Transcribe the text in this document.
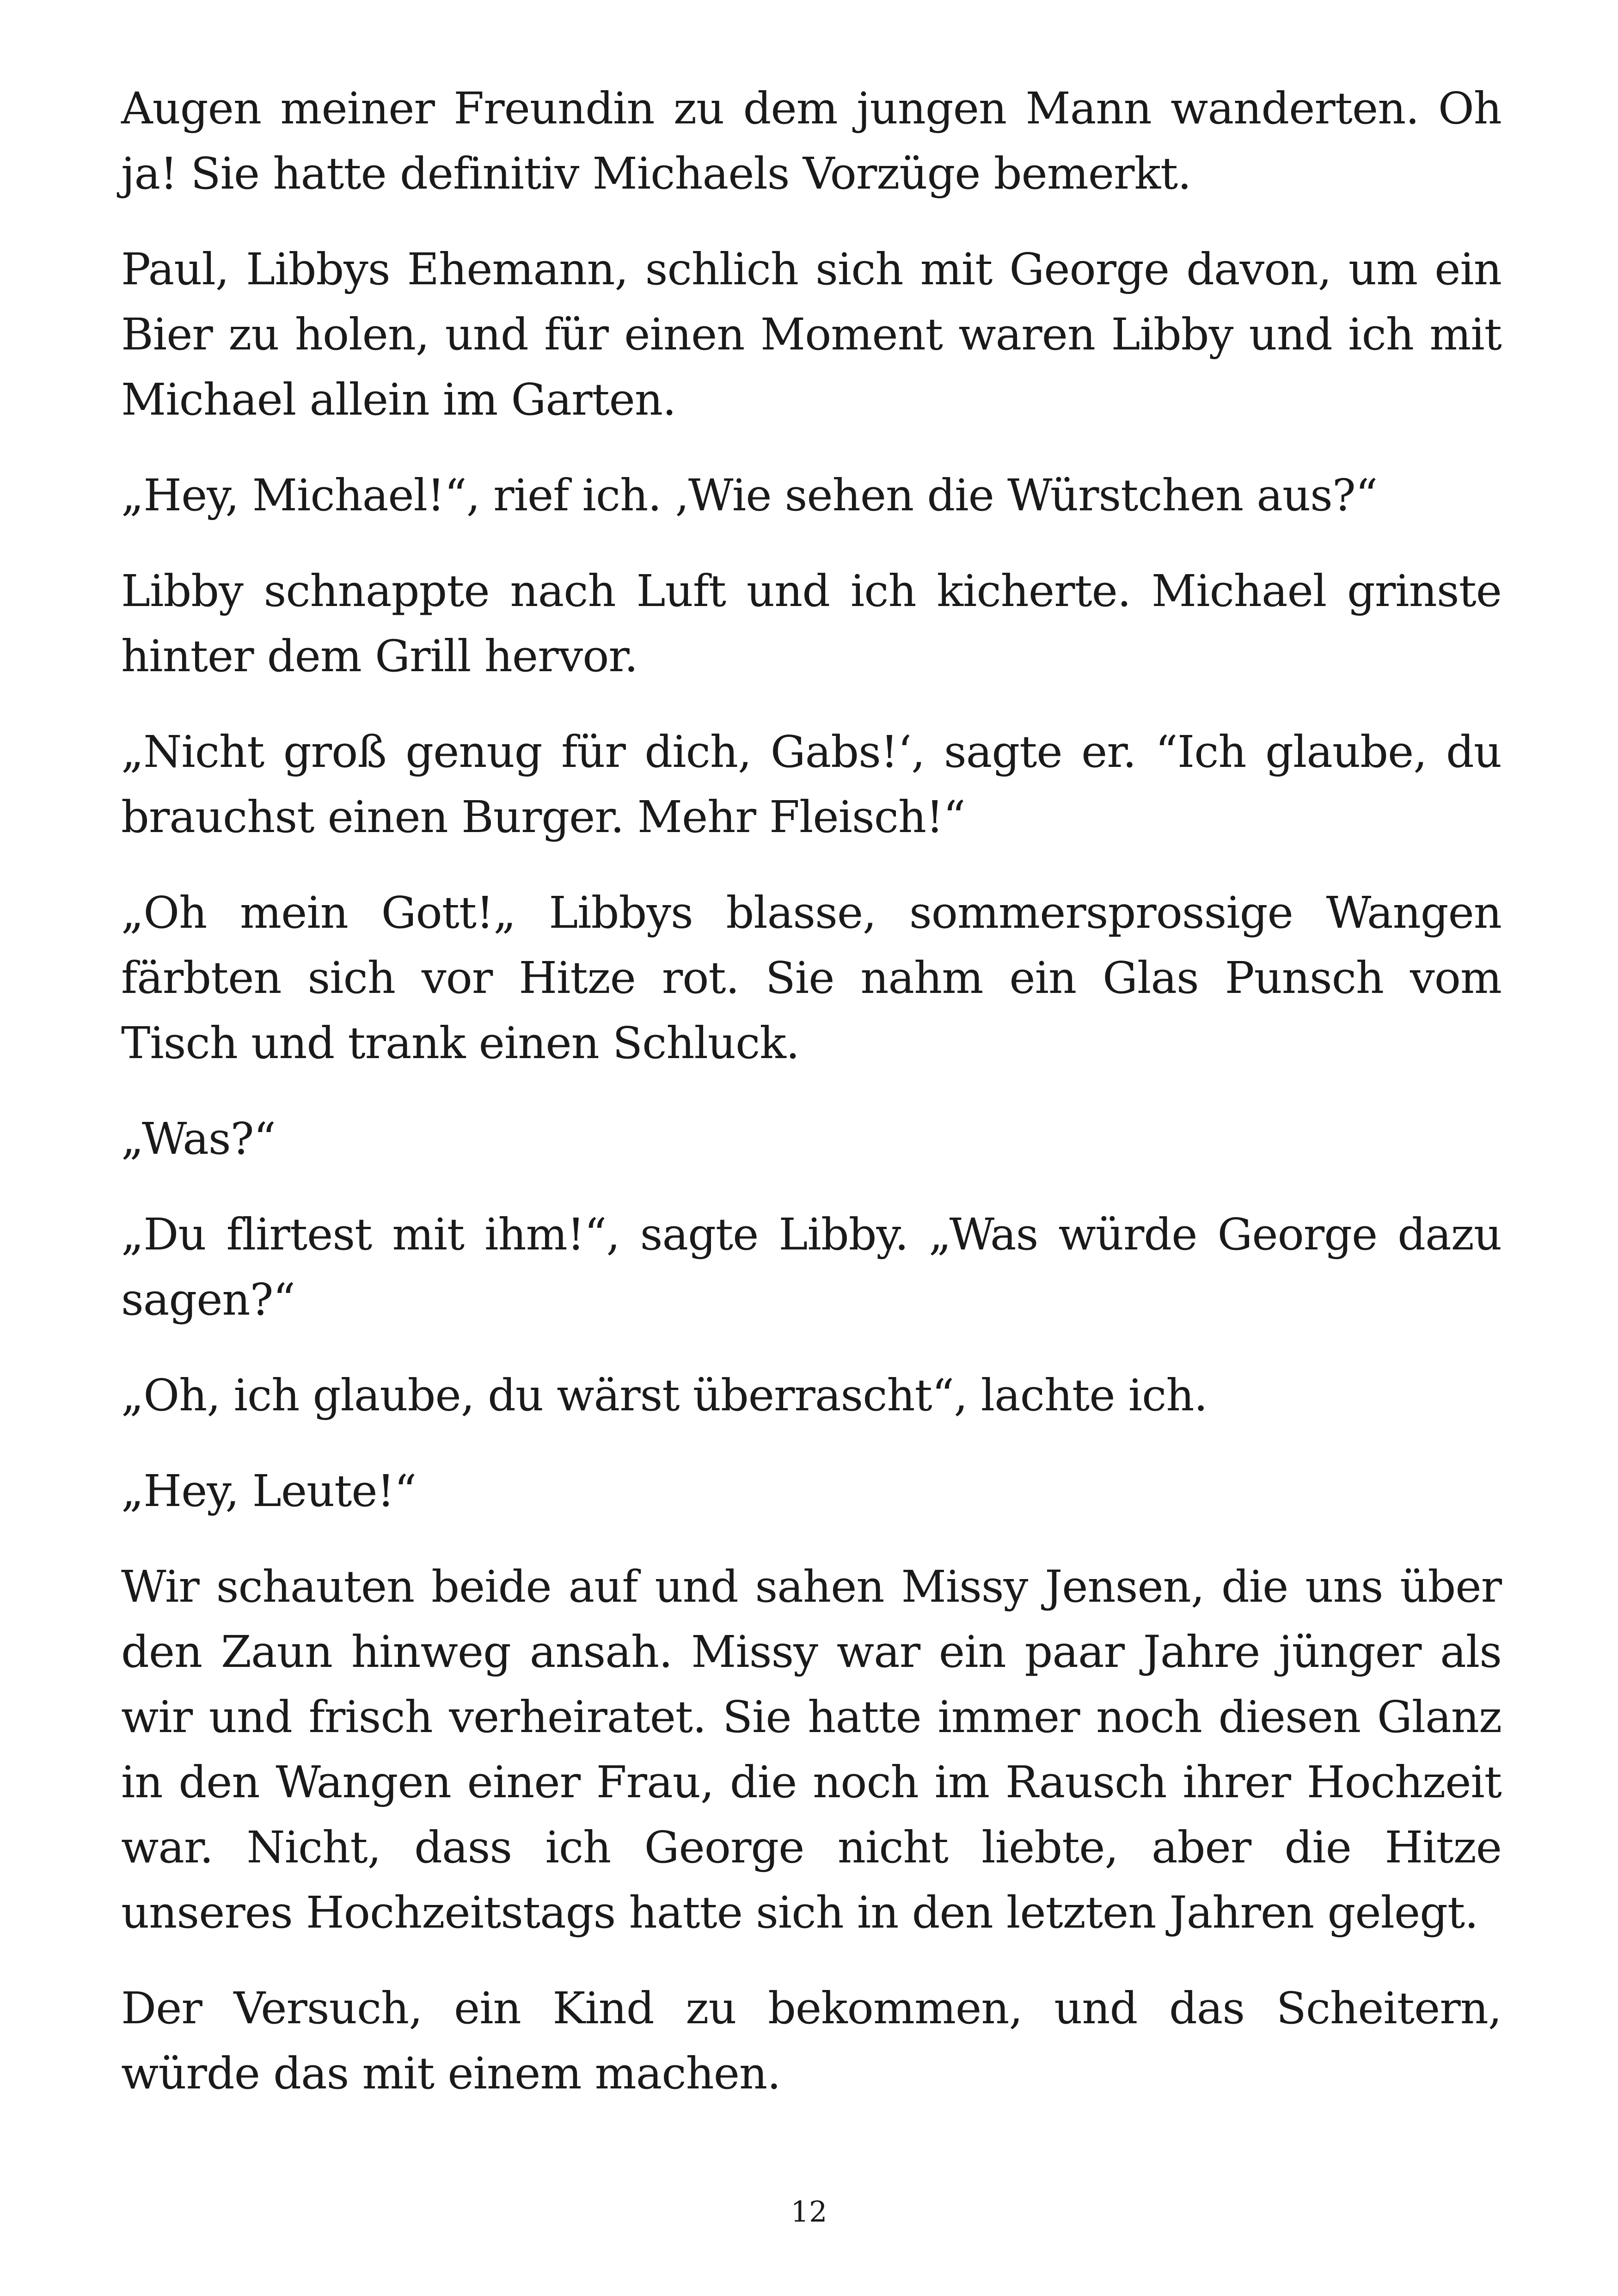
Augen meiner Freundin zu dem jungen Mann wanderten. Oh ja! Sie hatte definitiv Michaels Vorzüge bemerkt.

Paul, Libbys Ehemann, schlich sich mit George davon, um ein Bier zu holen, und für einen Moment waren Libby und ich mit Michael allein im Garten.

„Hey, Michael!“, rief ich. ‚Wie sehen die Würstchen aus?“

Libby schnappte nach Luft und ich kicherte. Michael grinste hinter dem Grill hervor.

„Nicht groß genug für dich, Gabs!‘, sagte er. “Ich glaube, du brauchst einen Burger. Mehr Fleisch!“

„Oh mein Gott!„ Libbys blasse, sommersprossige Wangen färbten sich vor Hitze rot. Sie nahm ein Glas Punsch vom Tisch und trank einen Schluck.

„Was?“

„Du flirtest mit ihm!“, sagte Libby. „Was würde George dazu sagen?“

„Oh, ich glaube, du wärst überrascht“, lachte ich.

„Hey, Leute!“

Wir schauten beide auf und sahen Missy Jensen, die uns über den Zaun hinweg ansah. Missy war ein paar Jahre jünger als wir und frisch verheiratet. Sie hatte immer noch diesen Glanz in den Wangen einer Frau, die noch im Rausch ihrer Hochzeit war. Nicht, dass ich George nicht liebte, aber die Hitze unseres Hochzeitstags hatte sich in den letzten Jahren gelegt.

Der Versuch, ein Kind zu bekommen, und das Scheitern, würde das mit einem machen.

12
